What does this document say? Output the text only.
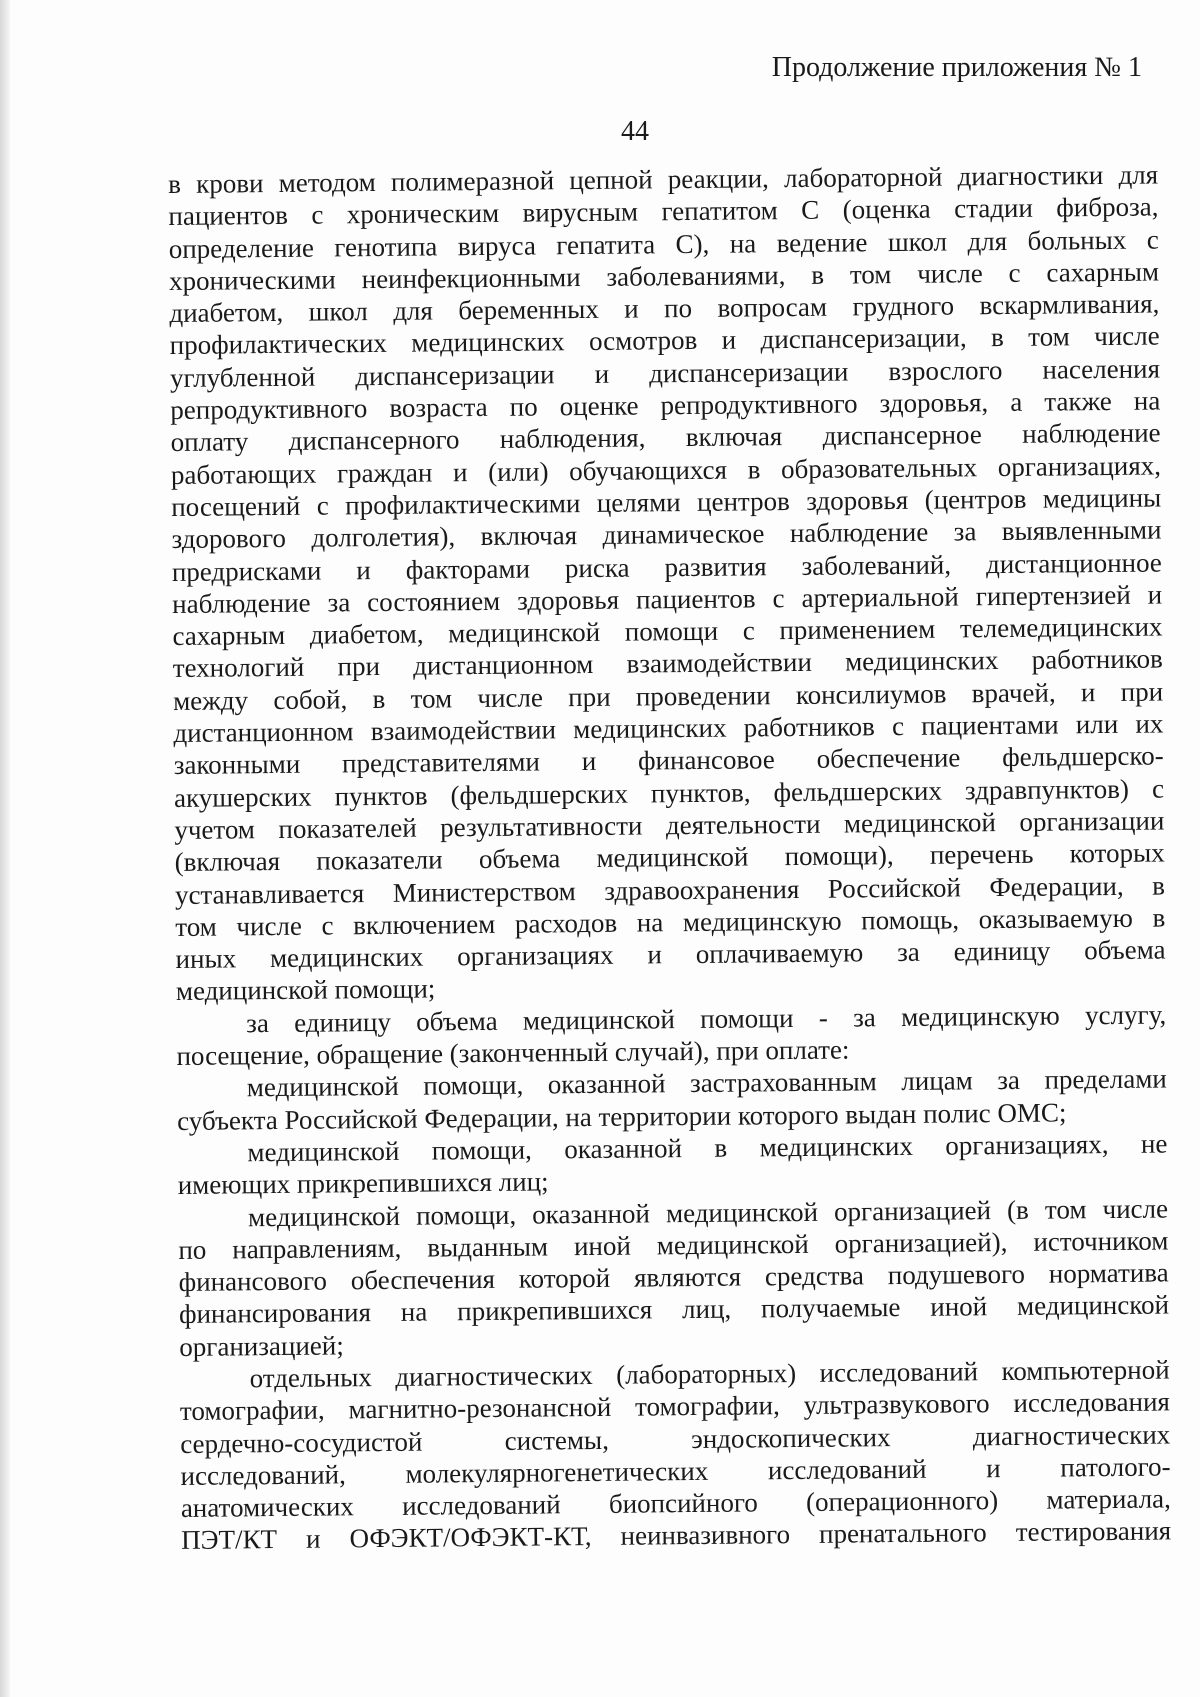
Продолжение приложения № 1
44
в крови методом полимеразной цепной реакции, лабораторной диагностики для
пациентов с хроническим вирусным гепатитом С (оценка стадии фиброза,
определение генотипа вируса гепатита С), на ведение школ для больных с
хроническими неинфекционными заболеваниями, в том числе с сахарным
диабетом, школ для беременных и по вопросам грудного вскармливания,
профилактических медицинских осмотров и диспансеризации, в том числе
углубленной диспансеризации и диспансеризации взрослого населения
репродуктивного возраста по оценке репродуктивного здоровья, а также на
оплату диспансерного наблюдения, включая диспансерное наблюдение
работающих граждан и (или) обучающихся в образовательных организациях,
посещений с профилактическими целями центров здоровья (центров медицины
здорового долголетия), включая динамическое наблюдение за выявленными
предрисками и факторами риска развития заболеваний, дистанционное
наблюдение за состоянием здоровья пациентов с артериальной гипертензией и
сахарным диабетом, медицинской помощи с применением телемедицинских
технологий при дистанционном взаимодействии медицинских работников
между собой, в том числе при проведении консилиумов врачей, и при
дистанционном взаимодействии медицинских работников с пациентами или их
законными представителями и финансовое обеспечение фельдшерско-
акушерских пунктов (фельдшерских пунктов, фельдшерских здравпунктов) с
учетом показателей результативности деятельности медицинской организации
(включая показатели объема медицинской помощи), перечень которых
устанавливается Министерством здравоохранения Российской Федерации, в
том числе с включением расходов на медицинскую помощь, оказываемую в
иных медицинских организациях и оплачиваемую за единицу объема
медицинской помощи;
за единицу объема медицинской помощи - за медицинскую услугу,
посещение, обращение (законченный случай), при оплате:
медицинской помощи, оказанной застрахованным лицам за пределами
субъекта Российской Федерации, на территории которого выдан полис ОМС;
медицинской помощи, оказанной в медицинских организациях, не
имеющих прикрепившихся лиц;
медицинской помощи, оказанной медицинской организацией (в том числе
по направлениям, выданным иной медицинской организацией), источником
финансового обеспечения которой являются средства подушевого норматива
финансирования на прикрепившихся лиц, получаемые иной медицинской
организацией;
отдельных диагностических (лабораторных) исследований компьютерной
томографии, магнитно-резонансной томографии, ультразвукового исследования
сердечно-сосудистой системы, эндоскопических диагностических
исследований, молекулярногенетических исследований и патолого-
анатомических исследований биопсийного (операционного) материала,
ПЭТ/КТ и ОФЭКТ/ОФЭКТ-КТ, неинвазивного пренатального тестирования
